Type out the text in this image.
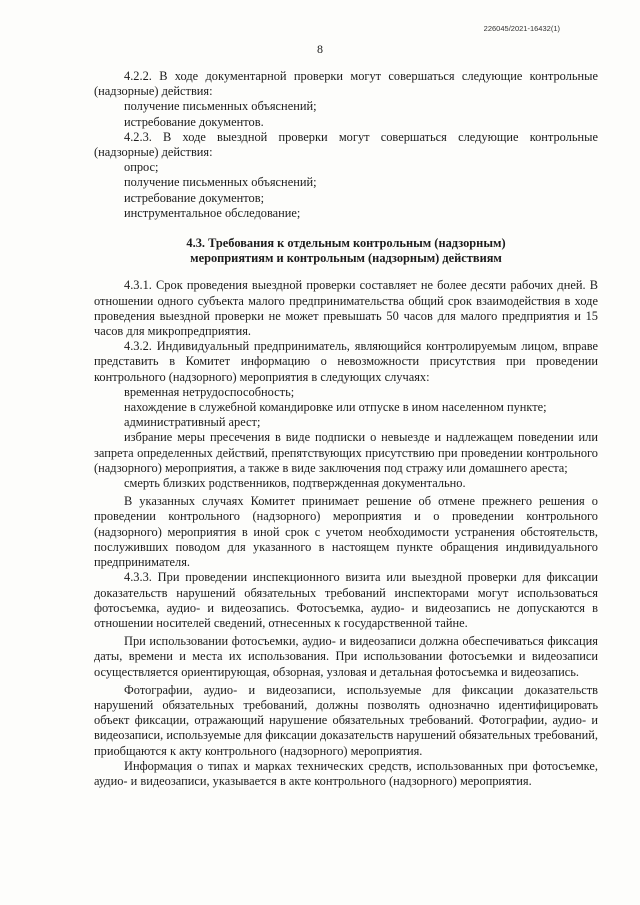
226045/2021-16432(1)
8

4.2.2. В ходе документарной проверки могут совершаться следующие контрольные (надзорные) действия:

получение письменных объяснений;

истребование документов.

4.2.3. В ходе выездной проверки могут совершаться следующие контрольные (надзорные) действия:

опрос;

получение письменных объяснений;

истребование документов;

инструментальное обследование;

4.3. Требования к отдельным контрольным (надзорным)
мероприятиям и контрольным (надзорным) действиям

4.3.1. Срок проведения выездной проверки составляет не более десяти рабочих дней. В отношении одного субъекта малого предпринимательства общий срок взаимодействия в ходе проведения выездной проверки не может превышать 50 часов для малого предприятия и 15 часов для микропредприятия.

4.3.2. Индивидуальный предприниматель, являющийся контролируемым лицом, вправе представить в Комитет информацию о невозможности присутствия при проведении контрольного (надзорного) мероприятия в следующих случаях:

временная нетрудоспособность;

нахождение в служебной командировке или отпуске в ином населенном пункте;

административный арест;

избрание меры пресечения в виде подписки о невыезде и надлежащем поведении или запрета определенных действий, препятствующих присутствию при проведении контрольного (надзорного) мероприятия, а также в виде заключения под стражу или домашнего ареста;

смерть близких родственников, подтвержденная документально.

В указанных случаях Комитет принимает решение об отмене прежнего решения о проведении контрольного (надзорного) мероприятия и о проведении контрольного (надзорного) мероприятия в иной срок с учетом необходимости устранения обстоятельств, послуживших поводом для указанного в настоящем пункте обращения индивидуального предпринимателя.

4.3.3. При проведении инспекционного визита или выездной проверки для фиксации доказательств нарушений обязательных требований инспекторами могут использоваться фотосъемка, аудио- и видеозапись. Фотосъемка, аудио- и видеозапись не допускаются в отношении носителей сведений, отнесенных к государственной тайне.

При использовании фотосъемки, аудио- и видеозаписи должна обеспечиваться фиксация даты, времени и места их использования. При использовании фотосъемки и видеозаписи осуществляется ориентирующая, обзорная, узловая и детальная фотосъемка и видеозапись.

Фотографии, аудио- и видеозаписи, используемые для фиксации доказательств нарушений обязательных требований, должны позволять однозначно идентифицировать объект фиксации, отражающий нарушение обязательных требований. Фотографии, аудио- и видеозаписи, используемые для фиксации доказательств нарушений обязательных требований, приобщаются к акту контрольного (надзорного) мероприятия.

Информация о типах и марках технических средств, использованных при фотосъемке, аудио- и видеозаписи, указывается в акте контрольного (надзорного) мероприятия.
